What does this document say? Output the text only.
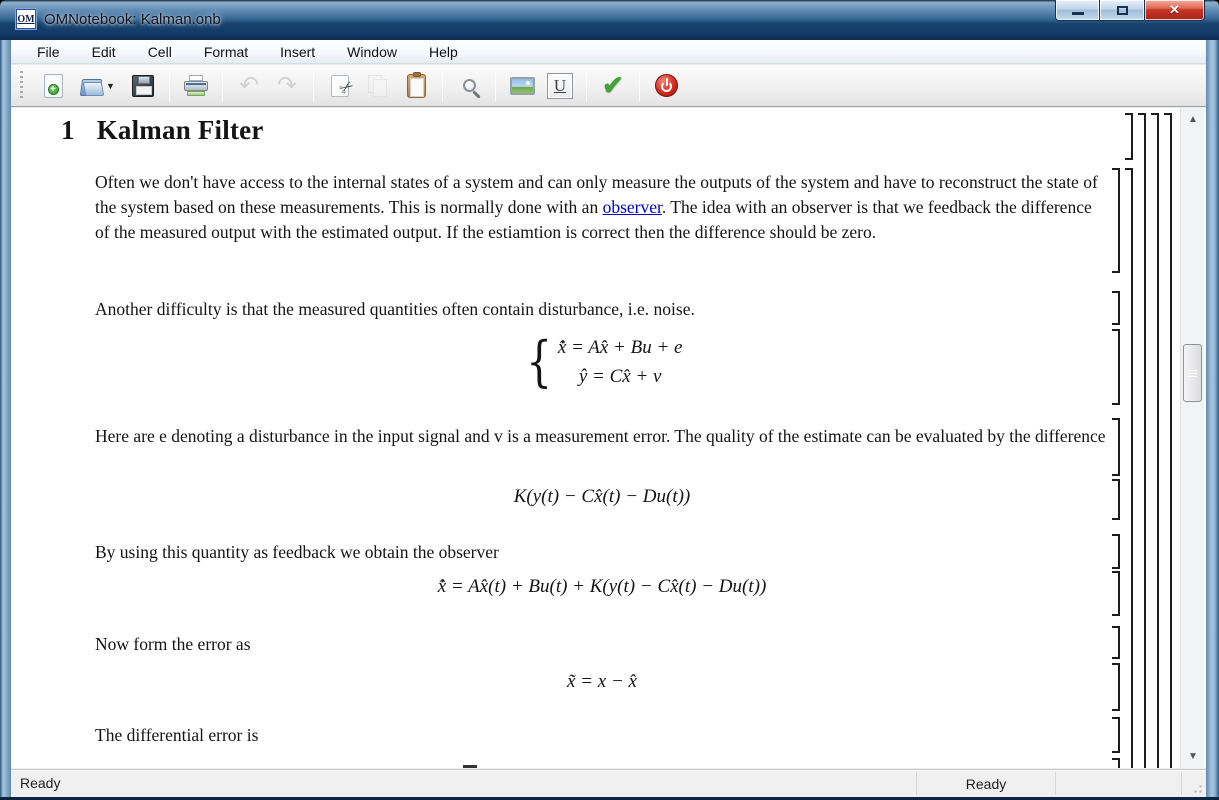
OM OMNotebook: Kalman.onb
✕
File	Edit	Cell	Format	Insert	Window	Help
+	▼	↶ ↷ ✂	U ✔
1 Kalman Filter
Often we don't have access to the internal states of a system and can only measure the outputs of the system and have to reconstruct the state of the system based on these measurements. This is normally done with an observer. The idea with an observer is that we feedback the difference of the measured output with the estimated output. If the estiamtion is correct then the difference should be zero.
Another difficulty is that the measured quantities often contain disturbance, i.e. noise.
{ x̂̇ = Ax̂ + Bu + e
ŷ = Cx̂ + v
Here are e denoting a disturbance in the input signal and v is a measurement error. The quality of the estimate can be evaluated by the difference
K(y(t) − Cx̂(t) − Du(t))
By using this quantity as feedback we obtain the observer
x̂̇ = Ax̂(t) + Bu(t) + K(y(t) − Cx̂(t) − Du(t))
Now form the error as
x̃ = x − x̂
The differential error is
▲
▼
Ready	Ready
